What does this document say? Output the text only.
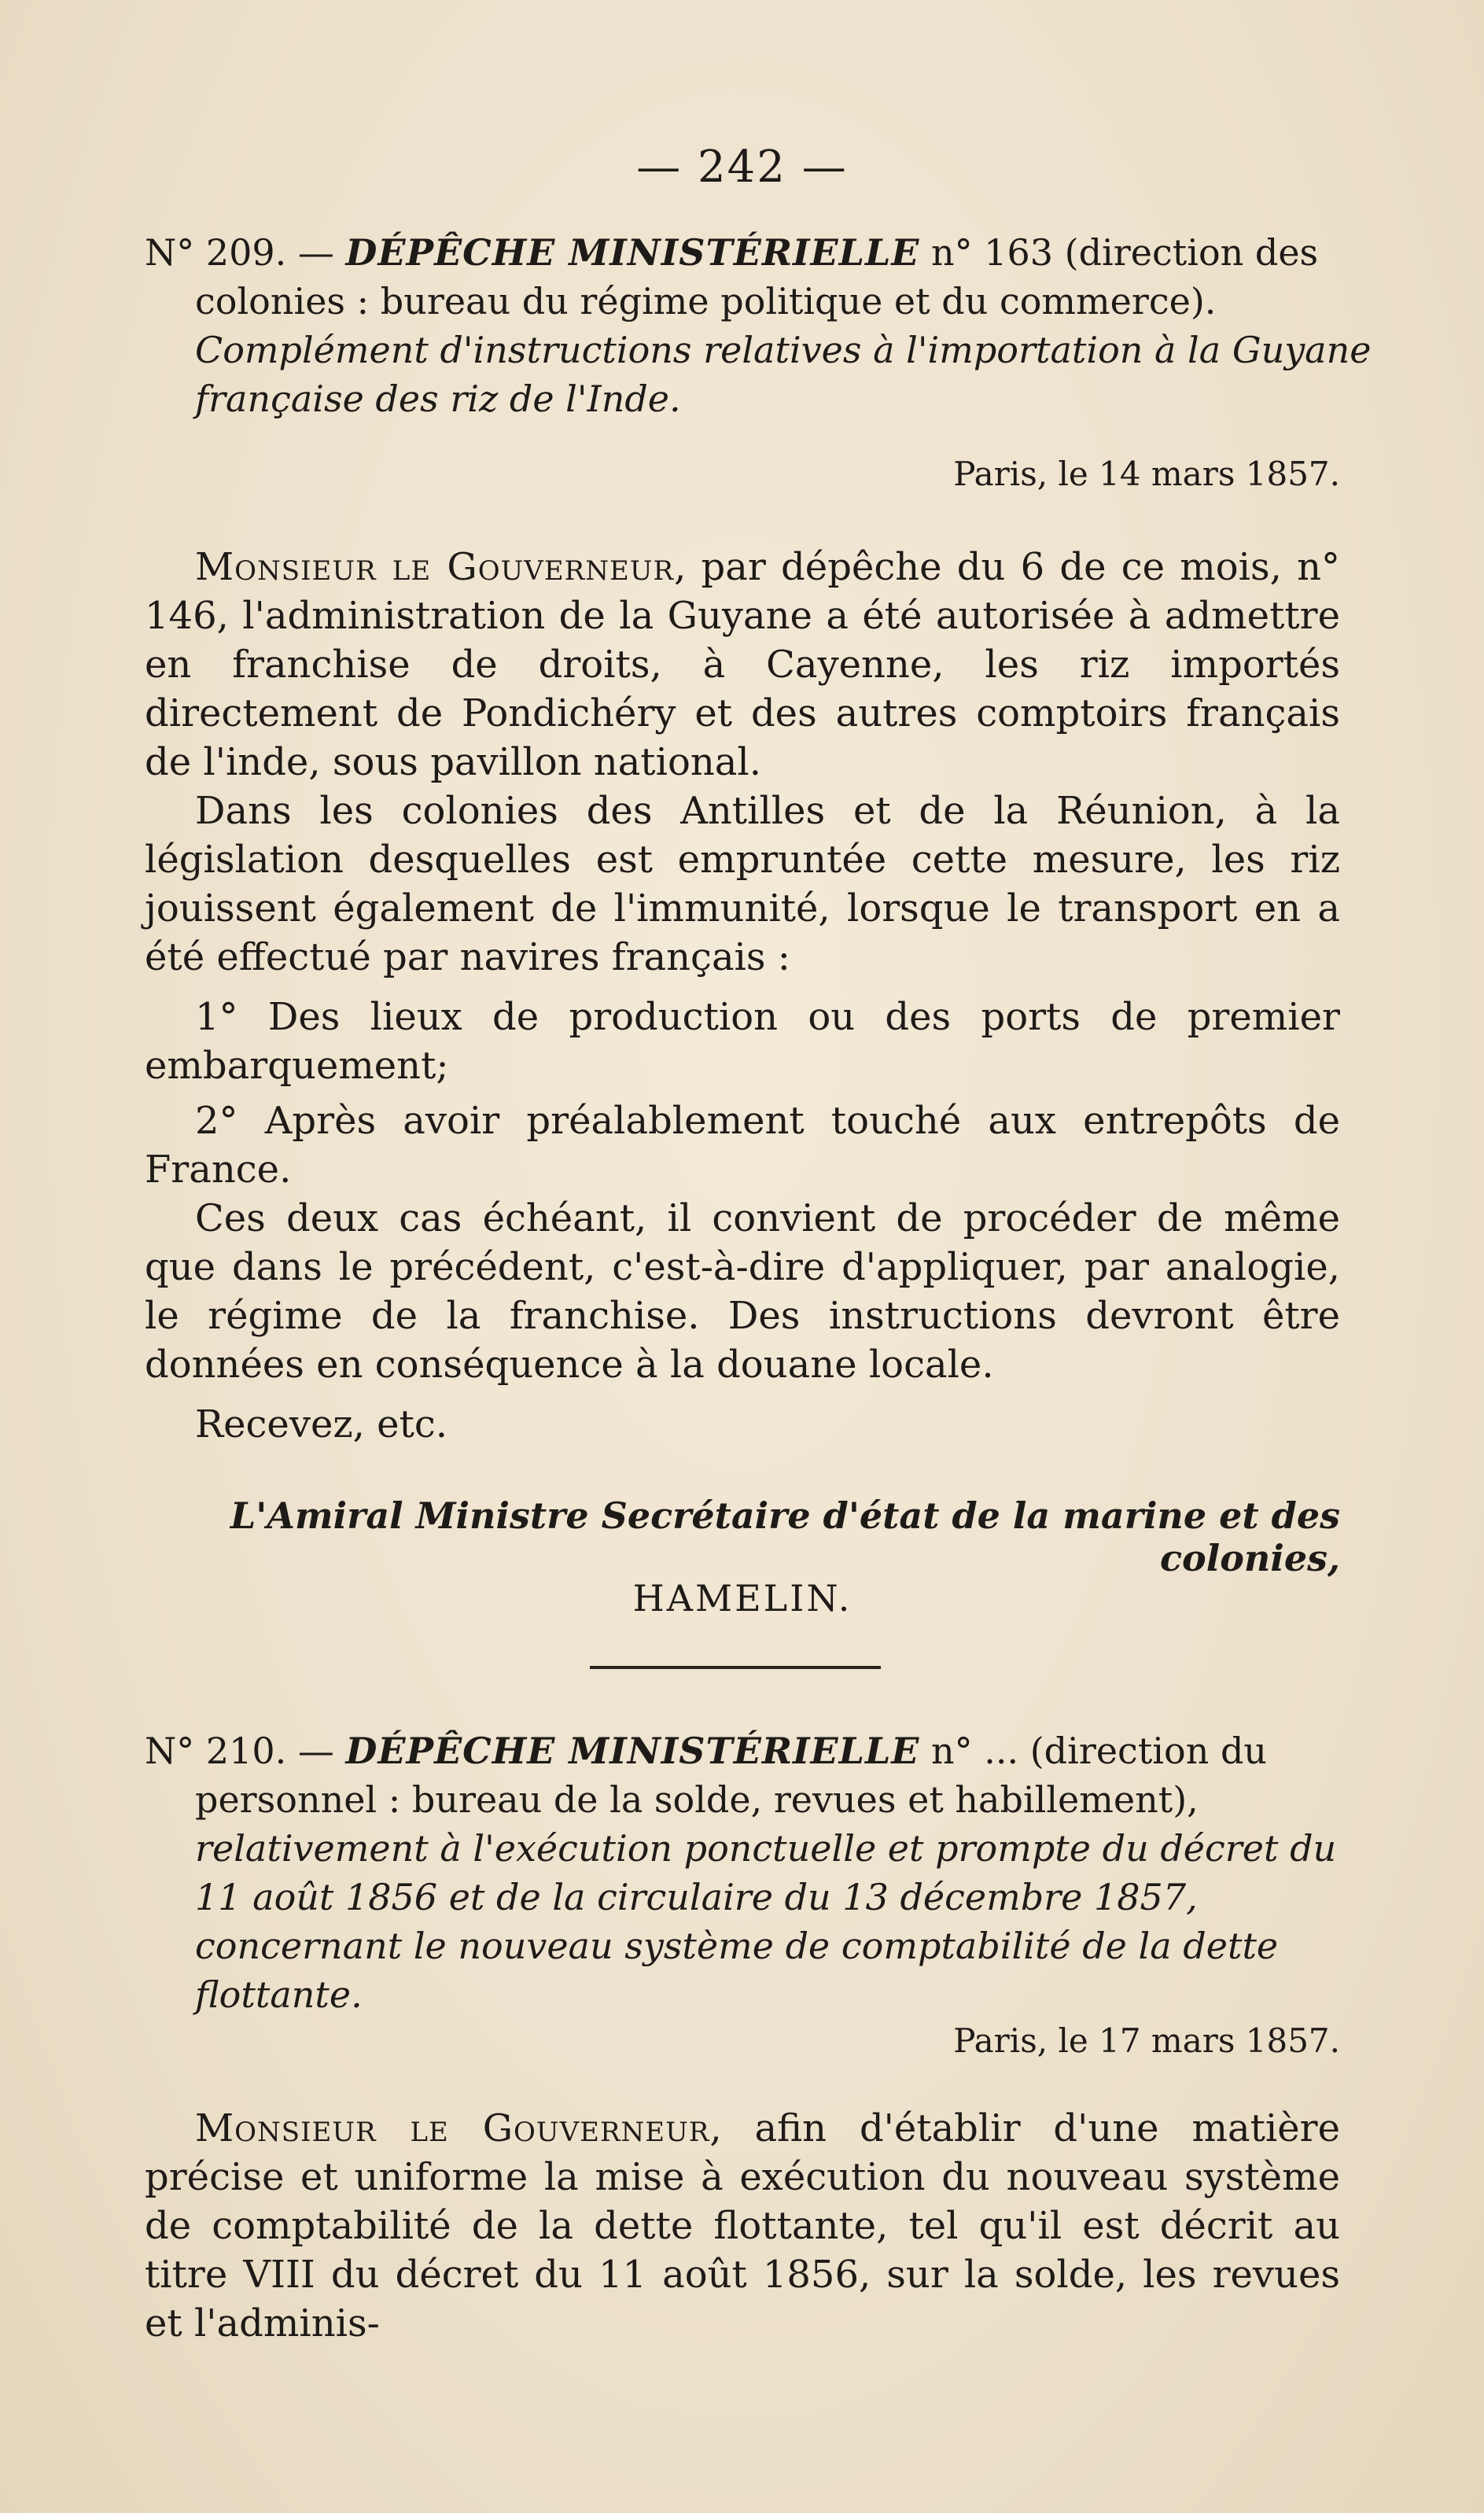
— 242 —
N° 209. — DÉPÊCHE MINISTÉRIELLE n° 163 (direction des colonies : bureau du régime politique et du commerce). Complément d'instructions relatives à l'importation à la Guyane française des riz de l'Inde.
Paris, le 14 mars 1857.

Monsieur le Gouverneur, par dépêche du 6 de ce mois, n° 146, l'administration de la Guyane a été autorisée à admettre en franchise de droits, à Cayenne, les riz importés directement de Pondichéry et des autres comptoirs français de l'inde, sous pavillon national.

Dans les colonies des Antilles et de la Réunion, à la législation desquelles est empruntée cette mesure, les riz jouissent également de l'immunité, lorsque le transport en a été effectué par navires français :

1° Des lieux de production ou des ports de premier embarquement;

2° Après avoir préalablement touché aux entrepôts de France.

Ces deux cas échéant, il convient de procéder de même que dans le précédent, c'est-à-dire d'appliquer, par analogie, le régime de la franchise. Des instructions devront être données en conséquence à la douane locale.

Recevez, etc.

L'Amiral Ministre Secrétaire d'état de la marine et des colonies,
HAMELIN.
N° 210. — DÉPÊCHE MINISTÉRIELLE n° ... (direction du personnel : bureau de la solde, revues et habillement), relativement à l'exécution ponctuelle et prompte du décret du 11 août 1856 et de la circulaire du 13 décembre 1857, concernant le nouveau système de comptabilité de la dette flottante.
Paris, le 17 mars 1857.

Monsieur le Gouverneur, afin d'établir d'une matière précise et uniforme la mise à exécution du nouveau système de comptabilité de la dette flottante, tel qu'il est décrit au titre VIII du décret du 11 août 1856, sur la solde, les revues et l'adminis-
